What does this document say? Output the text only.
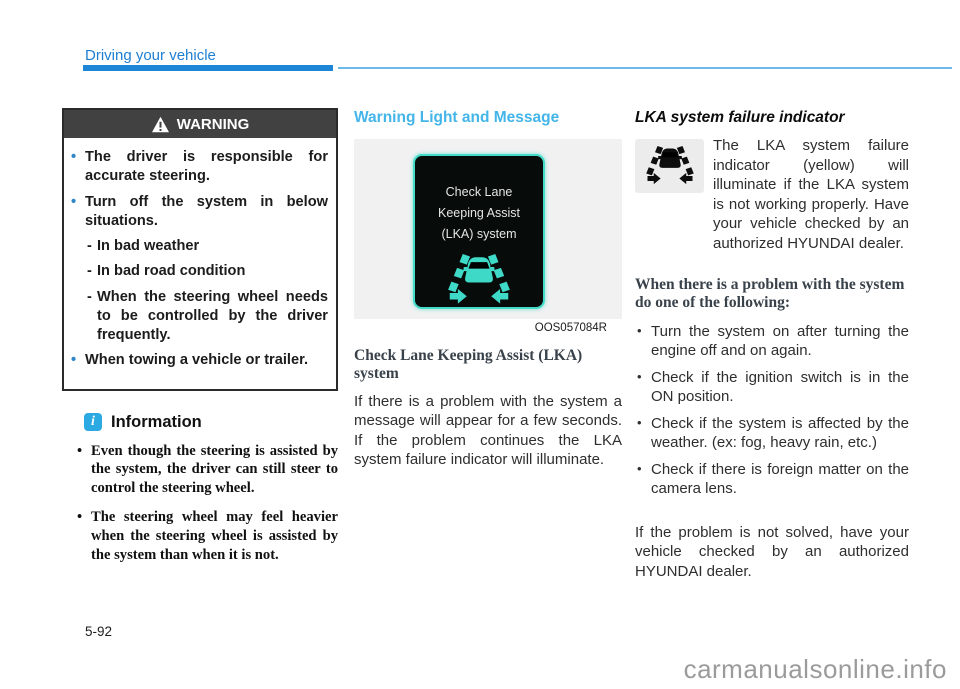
Driving your vehicle
WARNING
• The driver is responsible for accurate steering.
• Turn off the system in below situations.
- In bad weather
- In bad road condition
- When the steering wheel needs to be controlled by the driver frequently.
• When towing a vehicle or trailer.
i Information
• Even though the steering is assisted by the system, the driver can still steer to control the steering wheel.
• The steering wheel may feel heavier when the steering wheel is assisted by the system than when it is not.
Warning Light and Message
Check Lane
Keeping Assist
(LKA) system
OOS057084R
Check Lane Keeping Assist (LKA) system

If there is a problem with the system a message will appear for a few seconds. If the problem continues the LKA system failure indicator will illuminate.

LKA system failure indicator

The LKA system failure indicator (yellow) will illuminate if the LKA system is not working properly. Have your vehicle checked by an authorized HYUNDAI dealer.

When there is a problem with the system do one of the following:
• Turn the system on after turning the engine off and on again.
• Check if the ignition switch is in the ON position.
• Check if the system is affected by the weather. (ex: fog, heavy rain, etc.)
• Check if there is foreign matter on the camera lens.

If the problem is not solved, have your vehicle checked by an authorized HYUNDAI dealer.

5-92
carmanualsonline.info
